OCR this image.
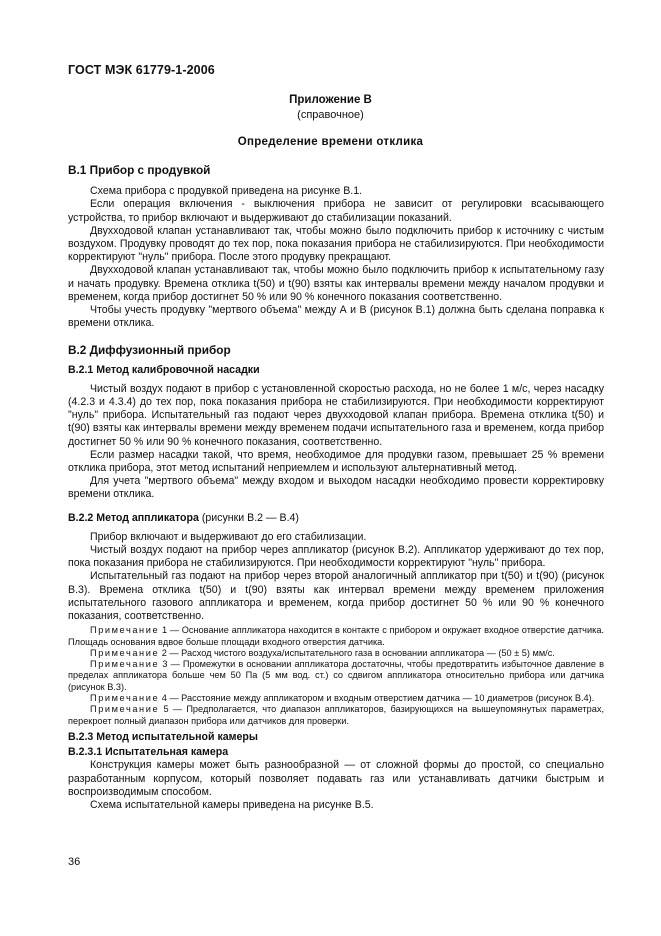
ГОСТ МЭК 61779-1-2006
Приложение В
(справочное)
Определение времени отклика
В.1 Прибор с продувкой

Схема прибора с продувкой приведена на рисунке В.1.

Если операция включения - выключения прибора не зависит от регулировки всасывающего устройства, то прибор включают и выдерживают до стабилизации показаний.

Двухходовой клапан устанавливают так, чтобы можно было подключить прибор к источнику с чистым воздухом. Продувку проводят до тех пор, пока показания прибора не стабилизируются. При необходимости корректируют "нуль" прибора. После этого продувку прекращают.

Двухходовой клапан устанавливают так, чтобы можно было подключить прибор к испытательному газу и начать продувку. Времена отклика t(50) и t(90) взяты как интервалы времени между началом продувки и временем, когда прибор достигнет 50 % или 90 % конечного показания соответственно.

Чтобы учесть продувку "мертвого объема" между А и В (рисунок В.1) должна быть сделана поправка к времени отклика.

В.2 Диффузионный прибор
В.2.1 Метод калибровочной насадки

Чистый воздух подают в прибор с установленной скоростью расхода, но не более 1 м/с, через насадку (4.2.3 и 4.3.4) до тех пор, пока показания прибора не стабилизируются. При необходимости корректируют "нуль" прибора. Испытательный газ подают через двухходовой клапан прибора. Времена отклика t(50) и t(90) взяты как интервалы времени между временем подачи испытательного газа и временем, когда прибор достигнет 50 % или 90 % конечного показания, соответственно.

Если размер насадки такой, что время, необходимое для продувки газом, превышает 25 % времени отклика прибора, этот метод испытаний неприемлем и используют альтернативный метод.

Для учета "мертвого объема" между входом и выходом насадки необходимо провести корректировку времени отклика.

В.2.2 Метод аппликатора (рисунки В.2 — В.4)

Прибор включают и выдерживают до его стабилизации.

Чистый воздух подают на прибор через аппликатор (рисунок В.2). Аппликатор удерживают до тех пор, пока показания прибора не стабилизируются. При необходимости корректируют "нуль" прибора.

Испытательный газ подают на прибор через второй аналогичный аппликатор при t(50) и t(90) (рисунок В.3). Времена отклика t(50) и t(90) взяты как интервал времени между временем приложения испытательного газового аппликатора и временем, когда прибор достигнет 50 % или 90 % конечного показания, соответственно.

Примечание 1 — Основание аппликатора находится в контакте с прибором и окружает входное отверстие датчика. Площадь основания вдвое больше площади входного отверстия датчика.
Примечание 2 — Расход чистого воздуха/испытательного газа в основании аппликатора — (50 ± 5) мм/с.
Примечание 3 — Промежутки в основании аппликатора достаточны, чтобы предотвратить избыточное давление в пределах аппликатора больше чем 50 Па (5 мм вод. ст.) со сдвигом аппликатора относительно прибора или датчика (рисунок В.3).
Примечание 4 — Расстояние между аппликатором и входным отверстием датчика — 10 диаметров (рисунок В.4).
Примечание 5 — Предполагается, что диапазон аппликаторов, базирующихся на вышеупомянутых параметрах, перекроет полный диапазон прибора или датчиков для проверки.
В.2.3 Метод испытательной камеры
В.2.3.1 Испытательная камера

Конструкция камеры может быть разнообразной — от сложной формы до простой, со специально разработанным корпусом, который позволяет подавать газ или устанавливать датчики быстрым и воспроизводимым способом.

Схема испытательной камеры приведена на рисунке В.5.

36
